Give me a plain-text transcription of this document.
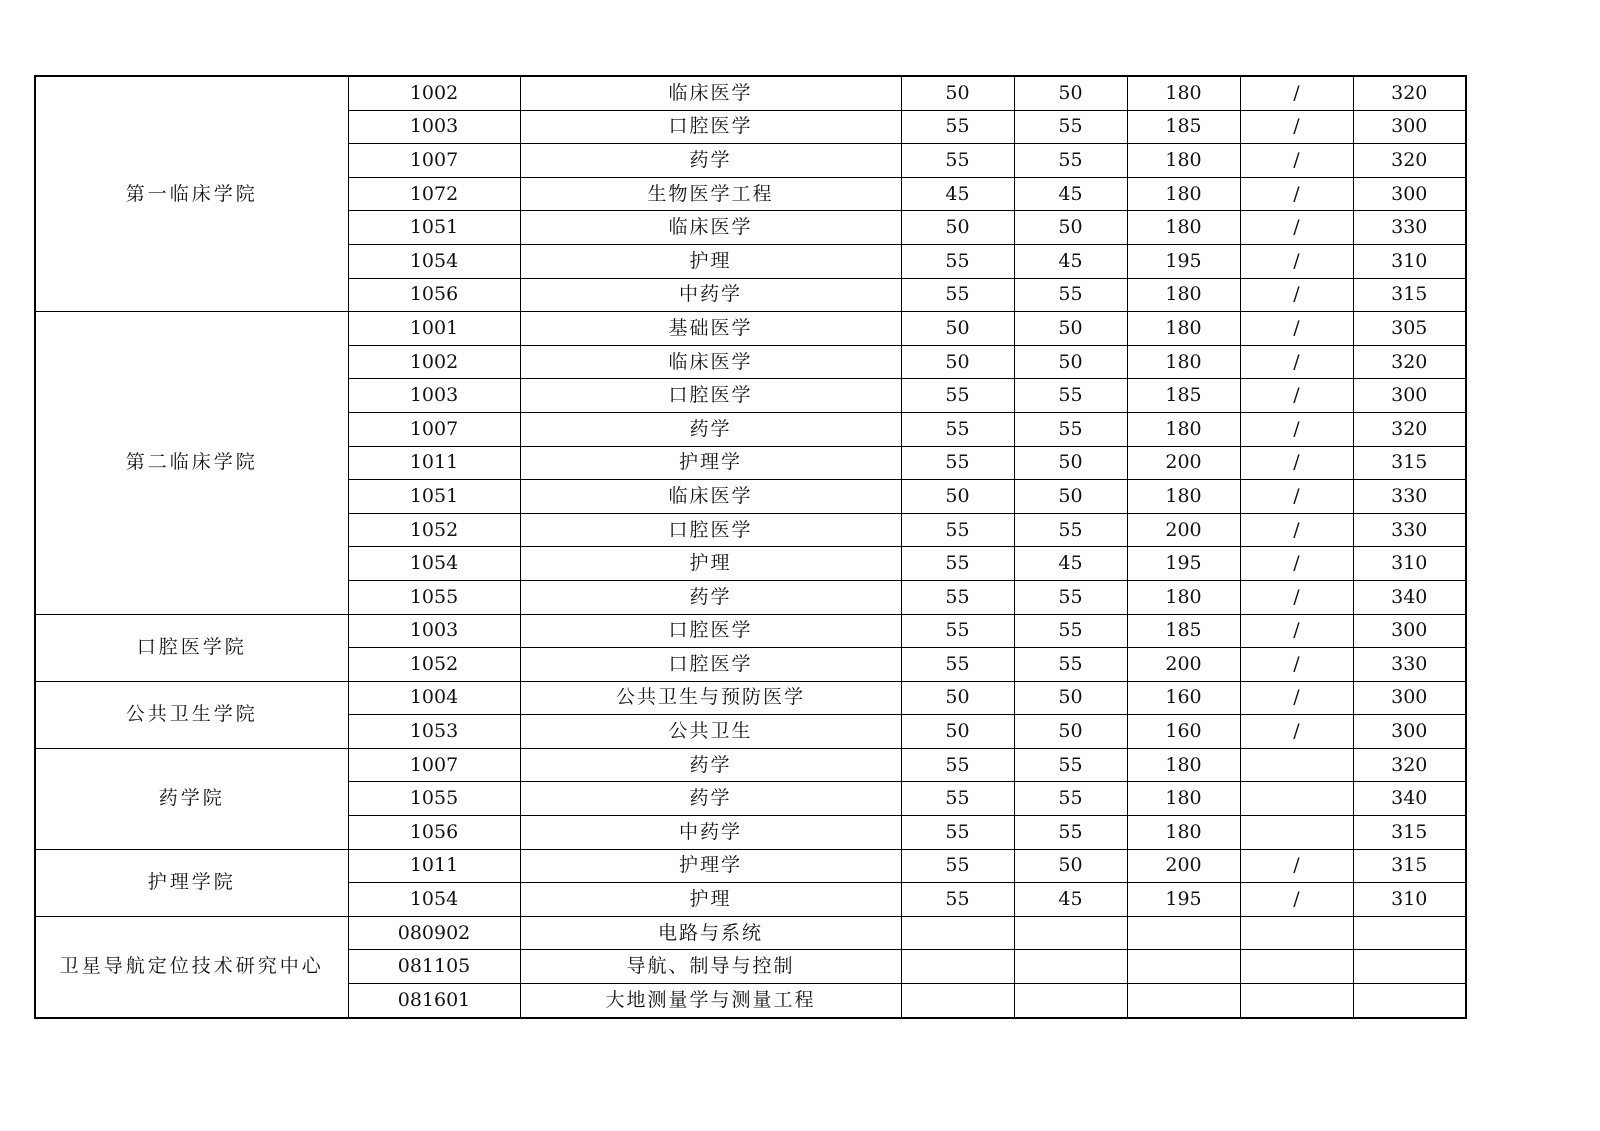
第一临床学院	1002	临床医学	50	50	180	/	320
	1003	口腔医学	55	55	185	/	300
	1007	药学	55	55	180	/	320
	1072	生物医学工程	45	45	180	/	300
	1051	临床医学	50	50	180	/	330
	1054	护理	55	45	195	/	310
	1056	中药学	55	55	180	/	315
第二临床学院	1001	基础医学	50	50	180	/	305
	1002	临床医学	50	50	180	/	320
	1003	口腔医学	55	55	185	/	300
	1007	药学	55	55	180	/	320
	1011	护理学	55	50	200	/	315
	1051	临床医学	50	50	180	/	330
	1052	口腔医学	55	55	200	/	330
	1054	护理	55	45	195	/	310
	1055	药学	55	55	180	/	340
口腔医学院	1003	口腔医学	55	55	185	/	300
	1052	口腔医学	55	55	200	/	330
公共卫生学院	1004	公共卫生与预防医学	50	50	160	/	300
	1053	公共卫生	50	50	160	/	300
药学院	1007	药学	55	55	180		320
	1055	药学	55	55	180		340
	1056	中药学	55	55	180		315
护理学院	1011	护理学	55	50	200	/	315
	1054	护理	55	45	195	/	310
卫星导航定位技术研究中心	080902	电路与系统					
	081105	导航、制导与控制					
	081601	大地测量学与测量工程					
